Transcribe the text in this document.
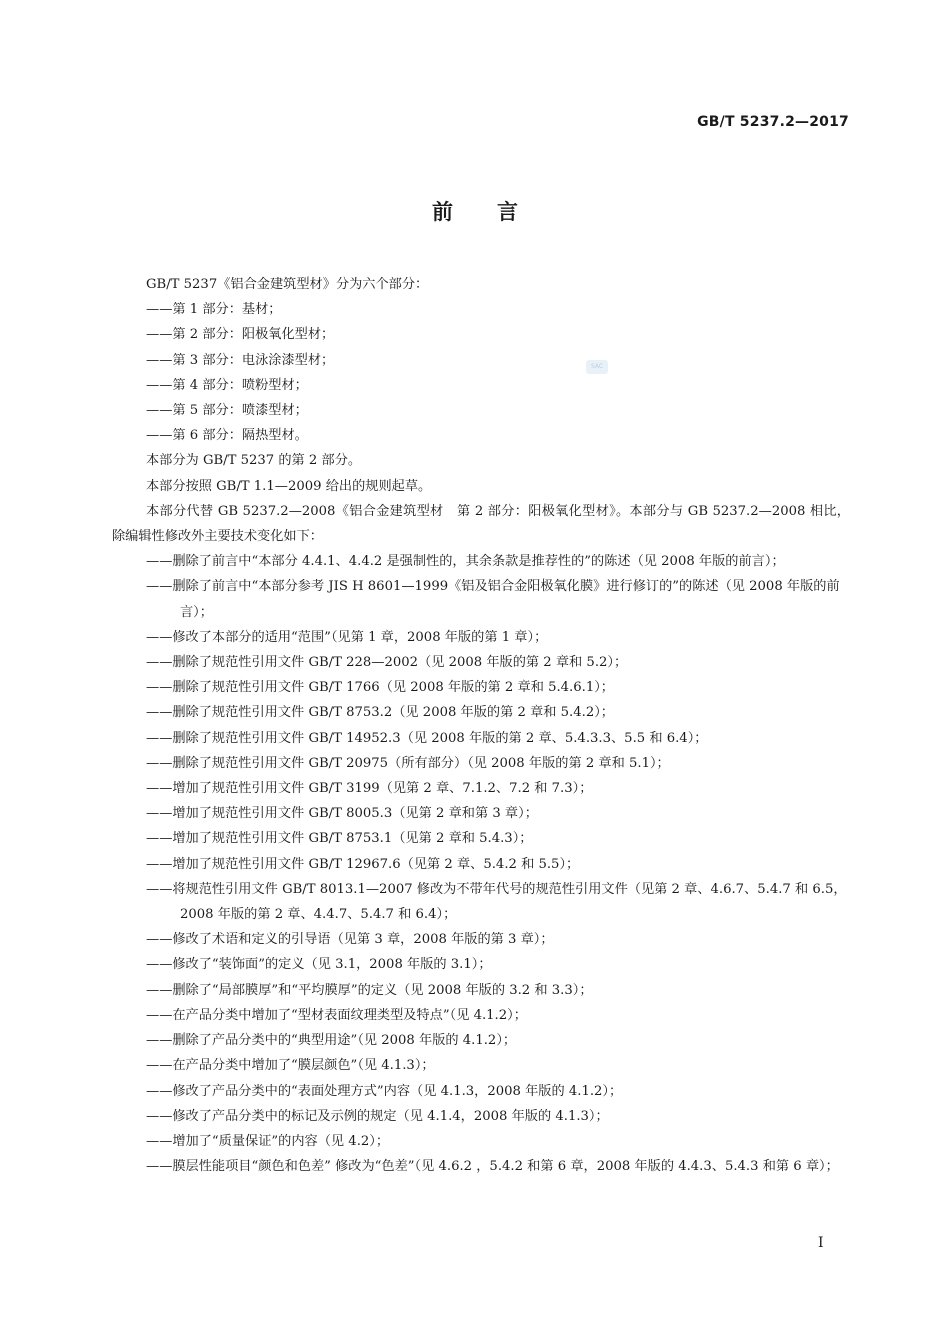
GB/T 5237.2—2017
前言
SAC

GB/T 5237《铝合金建筑型材》分为六个部分：

——第 1 部分：基材；

——第 2 部分：阳极氧化型材；

——第 3 部分：电泳涂漆型材；

——第 4 部分：喷粉型材；

——第 5 部分：喷漆型材；

——第 6 部分：隔热型材。

本部分为 GB/T 5237 的第 2 部分。

本部分按照 GB/T 1.1—2009 给出的规则起草。

本部分代替 GB 5237.2—2008《铝合金建筑型材　第 2 部分：阳极氧化型材》。本部分与 GB 5237.2—2008 相比，除编辑性修改外主要技术变化如下：

——删除了前言中“本部分 4.4.1、4.4.2 是强制性的，其余条款是推荐性的”的陈述（见 2008 年版的前言）；

——删除了前言中“本部分参考 JIS H 8601—1999《铝及铝合金阳极氧化膜》进行修订的”的陈述（见 2008 年版的前言）；

——修改了本部分的适用“范围”（见第 1 章，2008 年版的第 1 章）；

——删除了规范性引用文件 GB/T 228—2002（见 2008 年版的第 2 章和 5.2）；

——删除了规范性引用文件 GB/T 1766（见 2008 年版的第 2 章和 5.4.6.1）；

——删除了规范性引用文件 GB/T 8753.2（见 2008 年版的第 2 章和 5.4.2）；

——删除了规范性引用文件 GB/T 14952.3（见 2008 年版的第 2 章、5.4.3.3、5.5 和 6.4）；

——删除了规范性引用文件 GB/T 20975（所有部分）（见 2008 年版的第 2 章和 5.1）；

——增加了规范性引用文件 GB/T 3199（见第 2 章、7.1.2、7.2 和 7.3）；

——增加了规范性引用文件 GB/T 8005.3（见第 2 章和第 3 章）；

——增加了规范性引用文件 GB/T 8753.1（见第 2 章和 5.4.3）；

——增加了规范性引用文件 GB/T 12967.6（见第 2 章、5.4.2 和 5.5）；

——将规范性引用文件 GB/T 8013.1—2007 修改为不带年代号的规范性引用文件（见第 2 章、4.6.7、5.4.7 和 6.5，2008 年版的第 2 章、4.4.7、5.4.7 和 6.4）；

——修改了术语和定义的引导语（见第 3 章，2008 年版的第 3 章）；

——修改了“装饰面”的定义（见 3.1，2008 年版的 3.1）；

——删除了“局部膜厚”和“平均膜厚”的定义（见 2008 年版的 3.2 和 3.3）；

——在产品分类中增加了“型材表面纹理类型及特点”（见 4.1.2）；

——删除了产品分类中的“典型用途”（见 2008 年版的 4.1.2）；

——在产品分类中增加了“膜层颜色”（见 4.1.3）；

——修改了产品分类中的“表面处理方式”内容（见 4.1.3，2008 年版的 4.1.2）；

——修改了产品分类中的标记及示例的规定（见 4.1.4，2008 年版的 4.1.3）；

——增加了“质量保证”的内容（见 4.2）；

——膜层性能项目“颜色和色差” 修改为“色差”（见 4.6.2 ，5.4.2 和第 6 章，2008 年版的 4.4.3、5.4.3 和第 6 章）；

I
